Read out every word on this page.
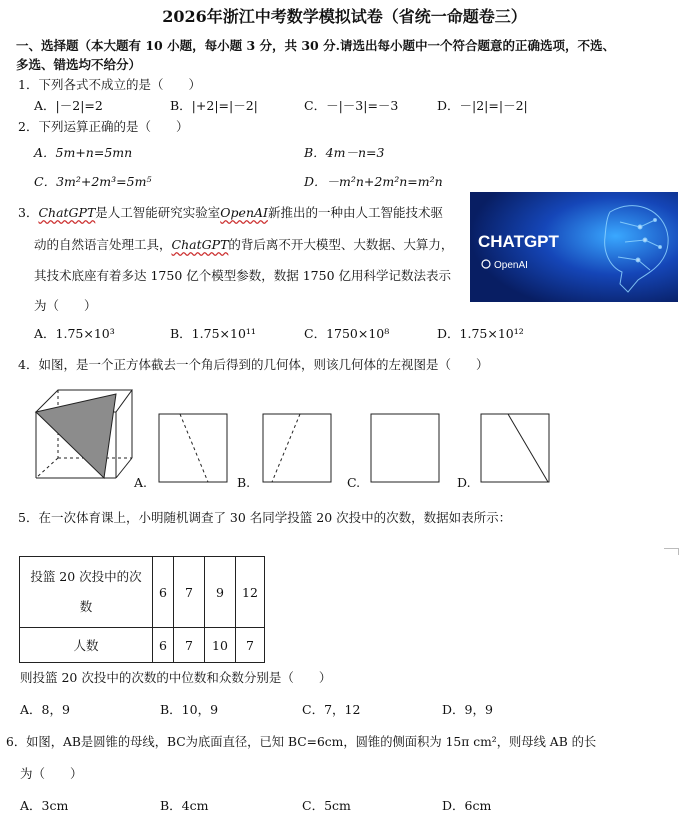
2026年浙江中考数学模拟试卷（省统一命题卷三）
一、选择题（本大题有 10 小题，每小题 3 分，共 30 分.请选出每小题中一个符合题意的正确选项，不选、
多选、错选均不给分）
1．下列各式不成立的是（　　）
A．|－2|=2	B．|+2|=|－2|	C．－|－3|=－3	D．－|2|=|－2|
2．下列运算正确的是（　　）
A．5m+n=5mn	B．4m－n=3
C．3m²+2m³=5m⁵	D．－m²n+2m²n=m²n
3．ChatGPT是人工智能研究实验室OpenAI新推出的一种由人工智能技术驱
动的自然语言处理工具，ChatGPT的背后离不开大模型、大数据、大算力，
其技术底座有着多达 1750 亿个模型参数，数据 1750 亿用科学记数法表示
为（　　）
CHATGPT
OpenAI
A．1.75×10³	B．1.75×10¹¹	C．1750×10⁸	D．1.75×10¹²
4．如图，是一个正方体截去一个角后得到的几何体，则该几何体的左视图是（　　）
A.	B.	C.	D.
5．在一次体育课上，小明随机调查了 30 名同学投篮 20 次投中的次数，数据如表所示：
投篮 20 次投中的次
数	6	7	9	12
人数	6	7	10	7
则投篮 20 次投中的次数的中位数和众数分别是（　　）
A．8，9	B．10，9	C．7，12	D．9，9
6．如图，AB是圆锥的母线，BC为底面直径，已知 BC=6cm，圆锥的侧面积为 15π cm²，则母线 AB 的长
为（　　）
A．3cm	B．4cm	C．5cm	D．6cm
